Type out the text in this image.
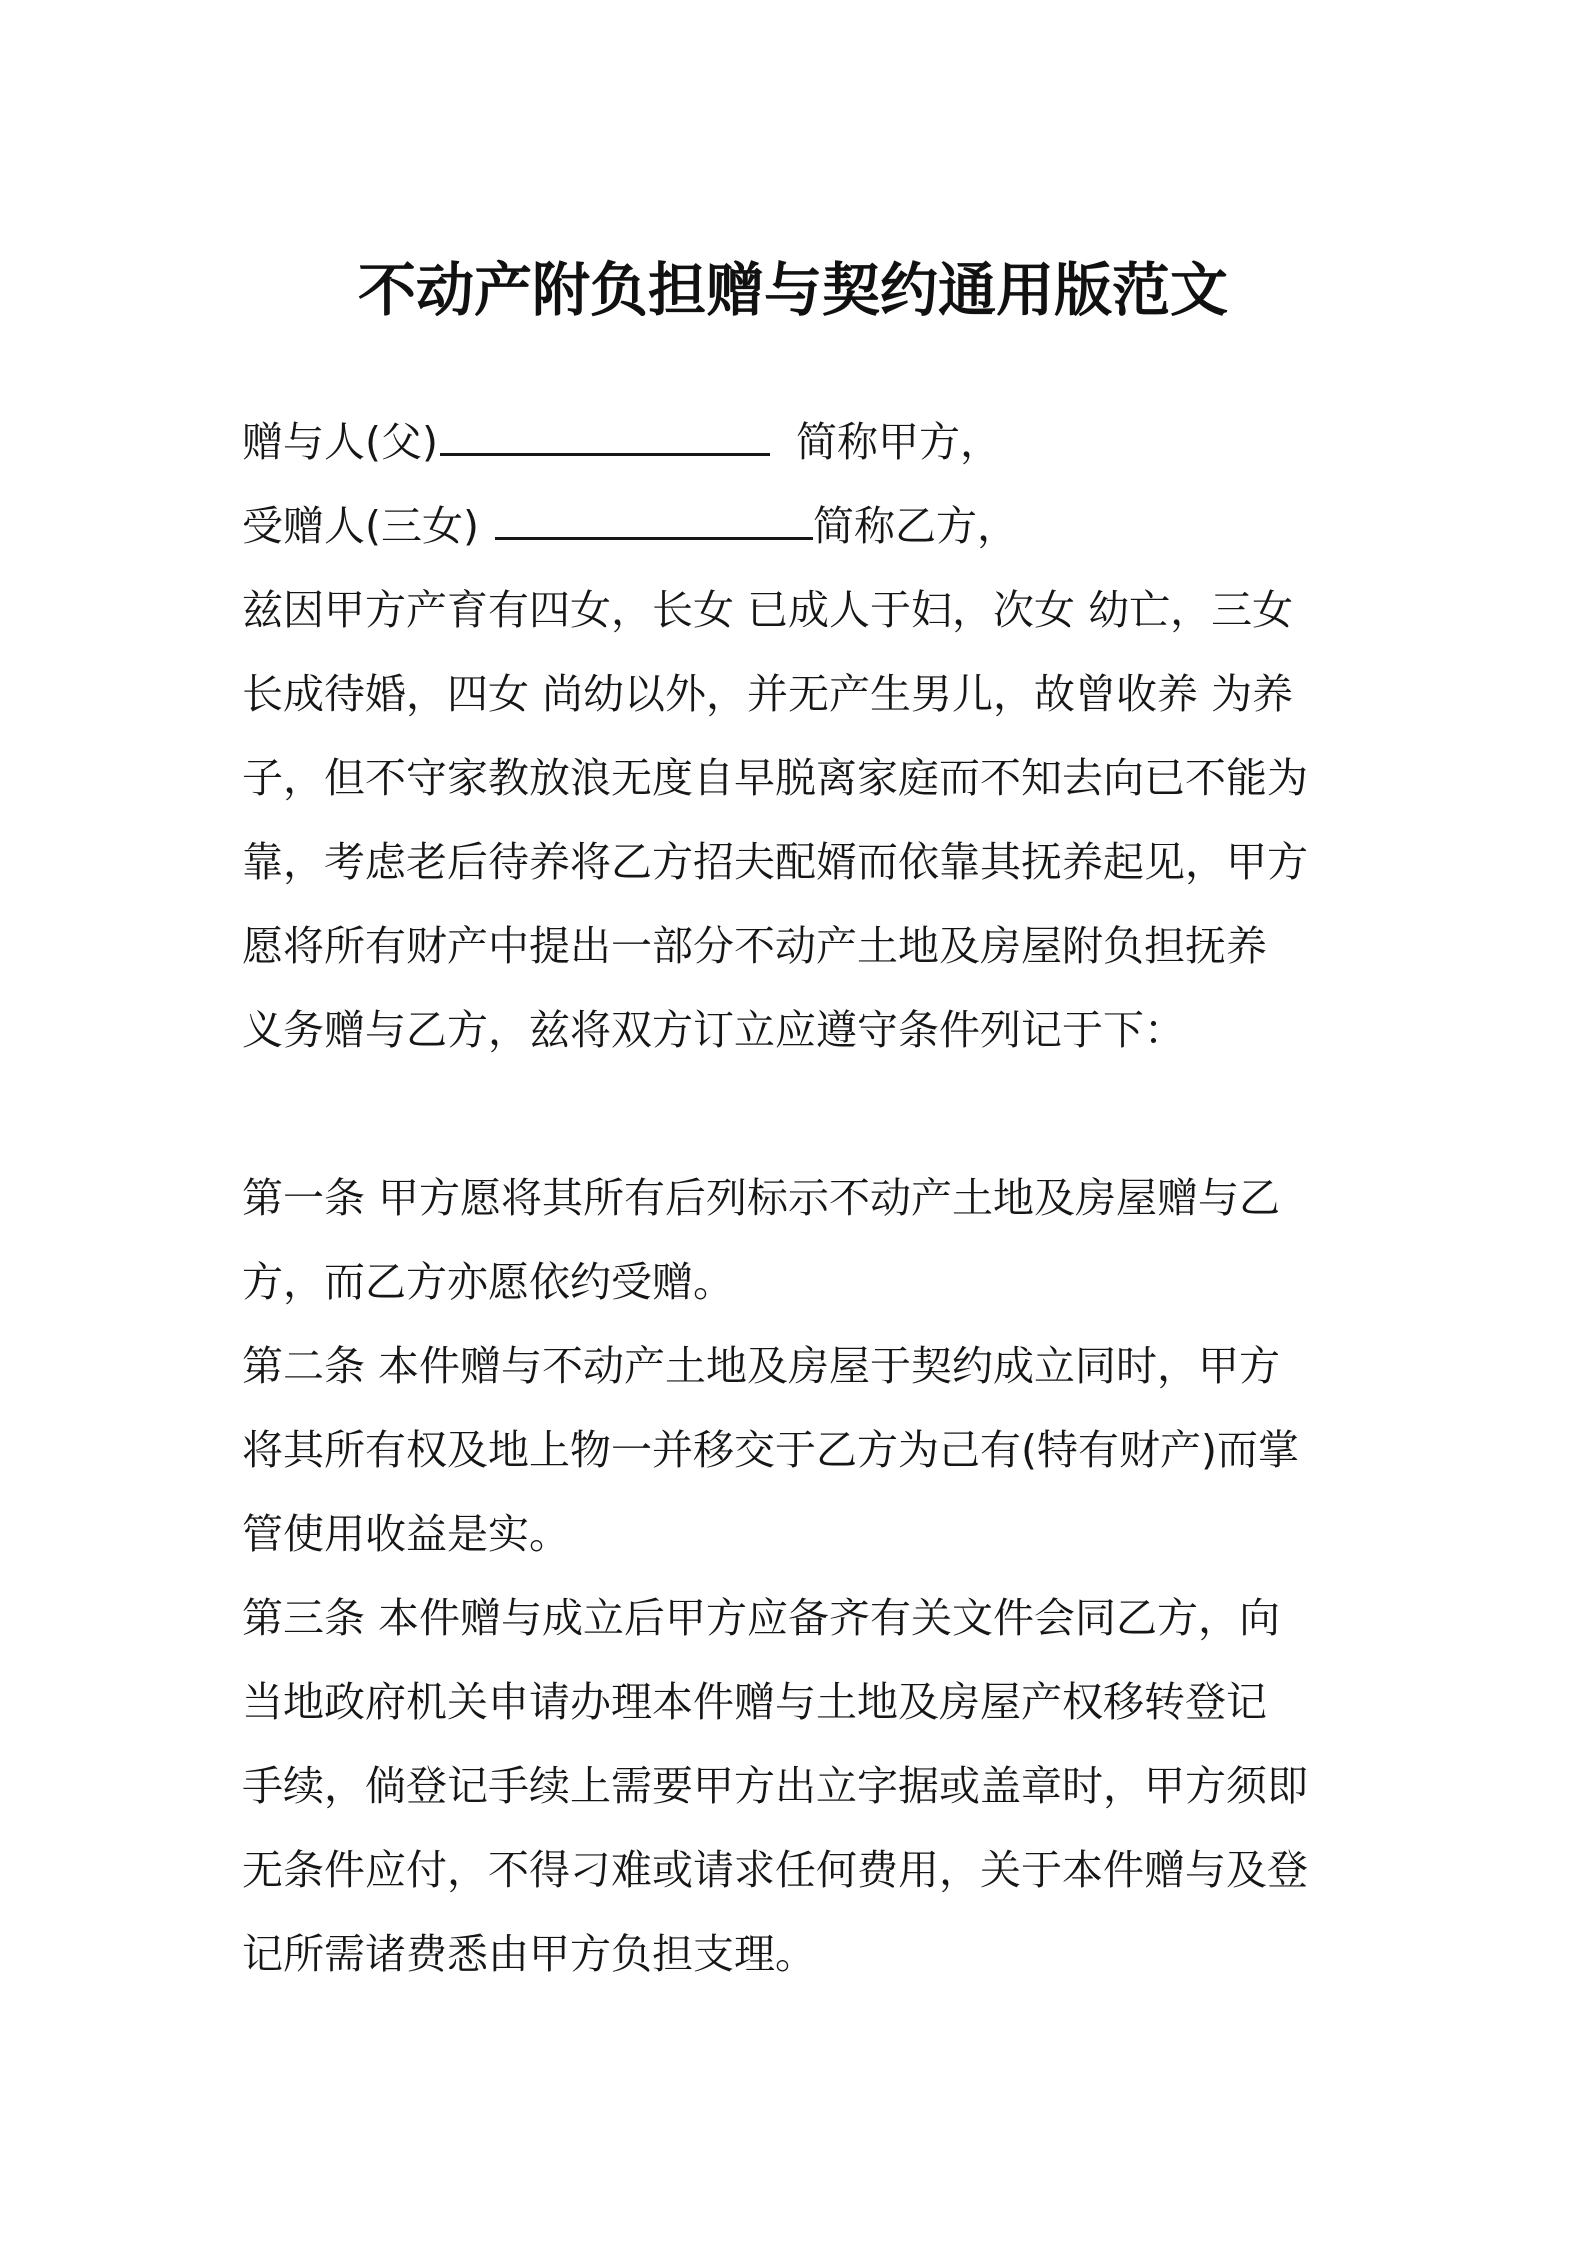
不动产附负担赠与契约通用版范文
赠与人(父)	简称甲方，
受赠人(三女)	简称乙方，
兹因甲方产育有四女，长女 已成人于妇，次女 幼亡，三女
长成待婚，四女 尚幼以外，并无产生男儿，故曾收养 为养
子，但不守家教放浪无度自早脱离家庭而不知去向已不能为
靠，考虑老后待养将乙方招夫配婿而依靠其抚养起见，甲方
愿将所有财产中提出一部分不动产土地及房屋附负担抚养
义务赠与乙方，兹将双方订立应遵守条件列记于下：
第一条 甲方愿将其所有后列标示不动产土地及房屋赠与乙
方，而乙方亦愿依约受赠。
第二条 本件赠与不动产土地及房屋于契约成立同时，甲方
将其所有权及地上物一并移交于乙方为己有(特有财产)而掌
管使用收益是实。
第三条 本件赠与成立后甲方应备齐有关文件会同乙方，向
当地政府机关申请办理本件赠与土地及房屋产权移转登记
手续，倘登记手续上需要甲方出立字据或盖章时，甲方须即
无条件应付，不得刁难或请求任何费用，关于本件赠与及登
记所需诸费悉由甲方负担支理。
